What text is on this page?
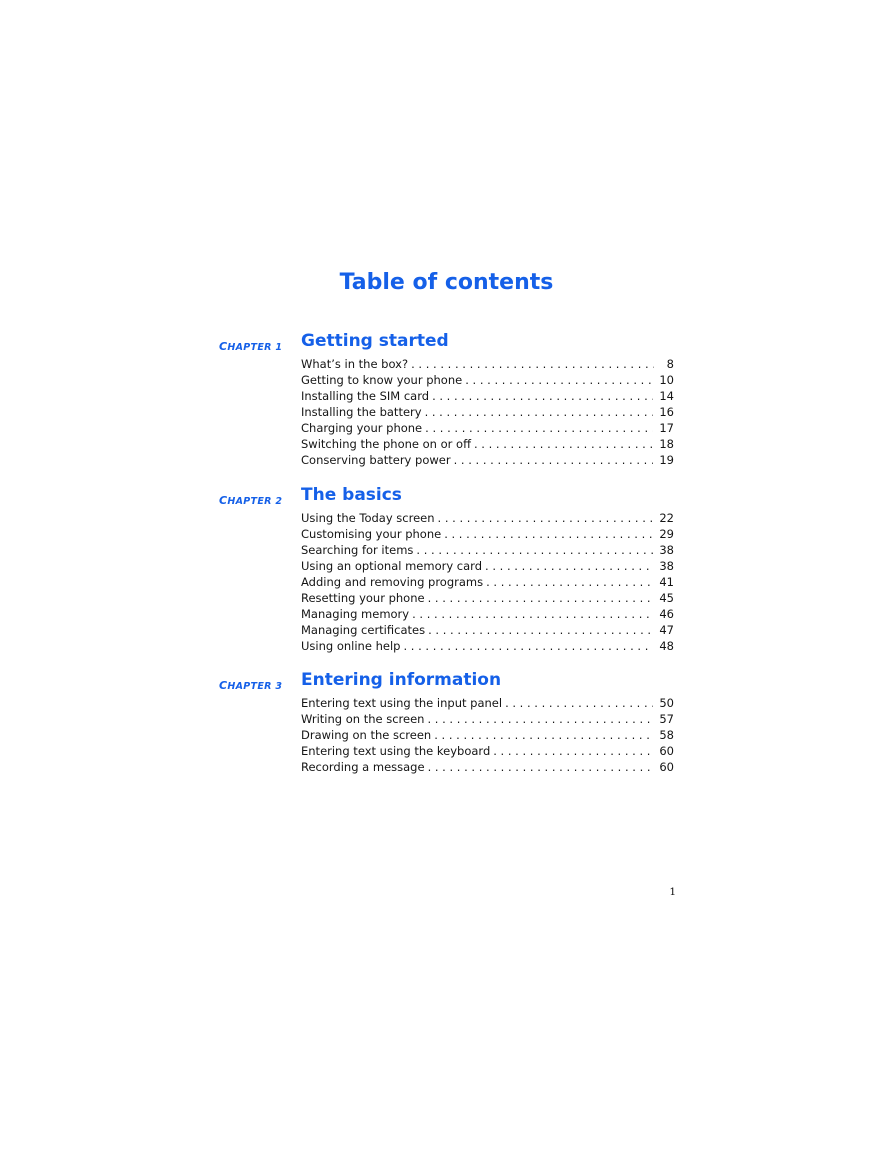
Table of contents
CHAPTER 1 Getting started
What’s in the box? . . .	8
Getting to know your phone . . .	10
Installing the SIM card . . .	14
Installing the battery . . .	16
Charging your phone . . .	17
Switching the phone on or off . . .	18
Conserving battery power . . .	19
CHAPTER 2 The basics
Using the Today screen . . .	22
Customising your phone . . .	29
Searching for items . . .	38
Using an optional memory card . . .	38
Adding and removing programs . . .	41
Resetting your phone . . .	45
Managing memory . . .	46
Managing certificates . . .	47
Using online help . . .	48
CHAPTER 3 Entering information
Entering text using the input panel . . .	50
Writing on the screen . . .	57
Drawing on the screen . . .	58
Entering text using the keyboard . . .	60
Recording a message . . .	60
1
